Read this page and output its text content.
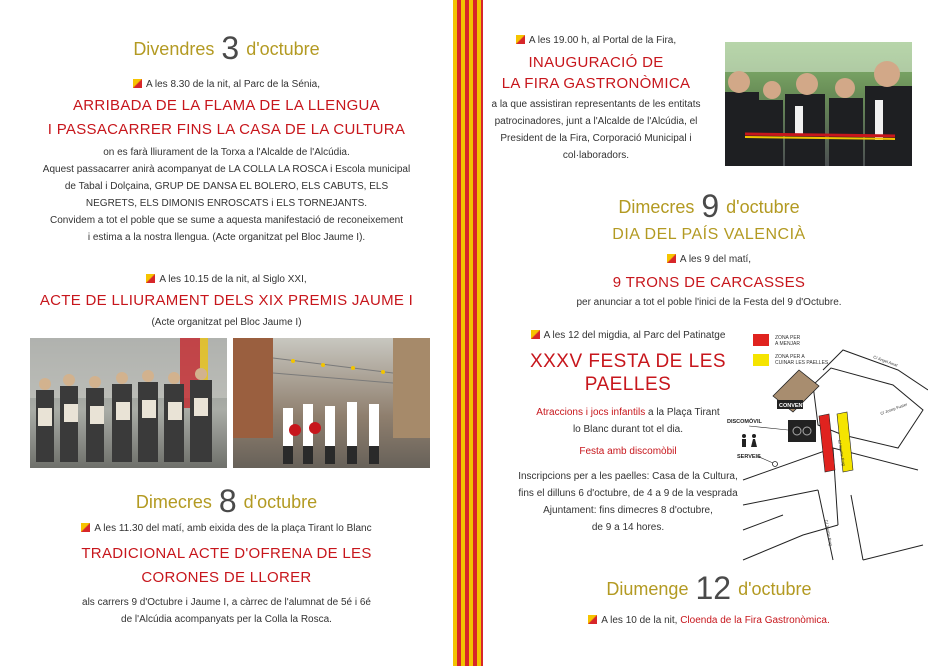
Divendres 3 d'octubre
A les 8.30 de la nit, al Parc de la Sénia,
ARRIBADA DE LA FLAMA DE LA LLENGUA
I PASSACARRER FINS LA CASA DE LA CULTURA

on es farà lliurament de la Torxa a l'Alcalde de l'Alcúdia.

Aquest passacarrer anirà acompanyat de LA COLLA LA ROSCA i Escola municipal

de Tabal i Dolçaina, GRUP DE DANSA EL BOLERO, ELS CABUTS, ELS

NEGRETS, ELS DIMONIS ENROSCATS i ELS TORNEJANTS.

Convidem a tot el poble que se sume a aquesta manifestació de reconeixement

i estima a la nostra llengua. (Acte organitzat pel Bloc Jaume I).

A les 10.15 de la nit, al Siglo XXI,
ACTE DE LLIURAMENT DELS XIX PREMIS JAUME I
(Acte organitzat pel Bloc Jaume I)
Dimecres 8 d'octubre
A les 11.30 del matí, amb eixida des de la plaça Tirant lo Blanc
TRADICIONAL ACTE D'OFRENA DE LES
CORONES DE LLORER

als carrers 9 d'Octubre i Jaume I, a càrrec de l'alumnat de 5é i 6é

de l'Alcúdia acompanyats per la Colla la Rosca.

A les 19.00 h, al Portal de la Fira,
INAUGURACIÓ DE
LA FIRA GASTRONÒMICA

a la que assistiran representants de les entitats

patrocinadores, junt a l'Alcalde de l'Alcúdia, el

President de la Fira, Corporació Municipal i

col·laboradors.

Dimecres 9 d'octubre
DIA DEL PAÍS VALENCIÀ
A les 9 del matí,
9 TRONS DE CARCASSES
per anunciar a tot el poble l'inici de la Festa del 9 d'Octubre.
A les 12 del migdia, al Parc del Patinatge
XXXV FESTA DE LES
PAELLES
Atraccions i jocs infantils a la Plaça Tirant
lo Blanc durant tot el dia.
Festa amb discomòbil

Inscripcions per a les paelles: Casa de la Cultura,

fins el dilluns 6 d'octubre, de 4 a 9 de la vesprada

Ajuntament: fins dimecres 8 d'octubre,

de 9 a 14 hores.

ZONA PER A MENJAR
ZONA PER A CUINAR LES PAELLES
CONVENT
DISCOMÒVIL
SERVEIS
C/ Ángel Amat
C/ Jaume Roig
C/ Josep Fuster
C/ Jaume Roig
Diumenge 12 d'octubre
A les 10 de la nit, Cloenda de la Fira Gastronòmica.
